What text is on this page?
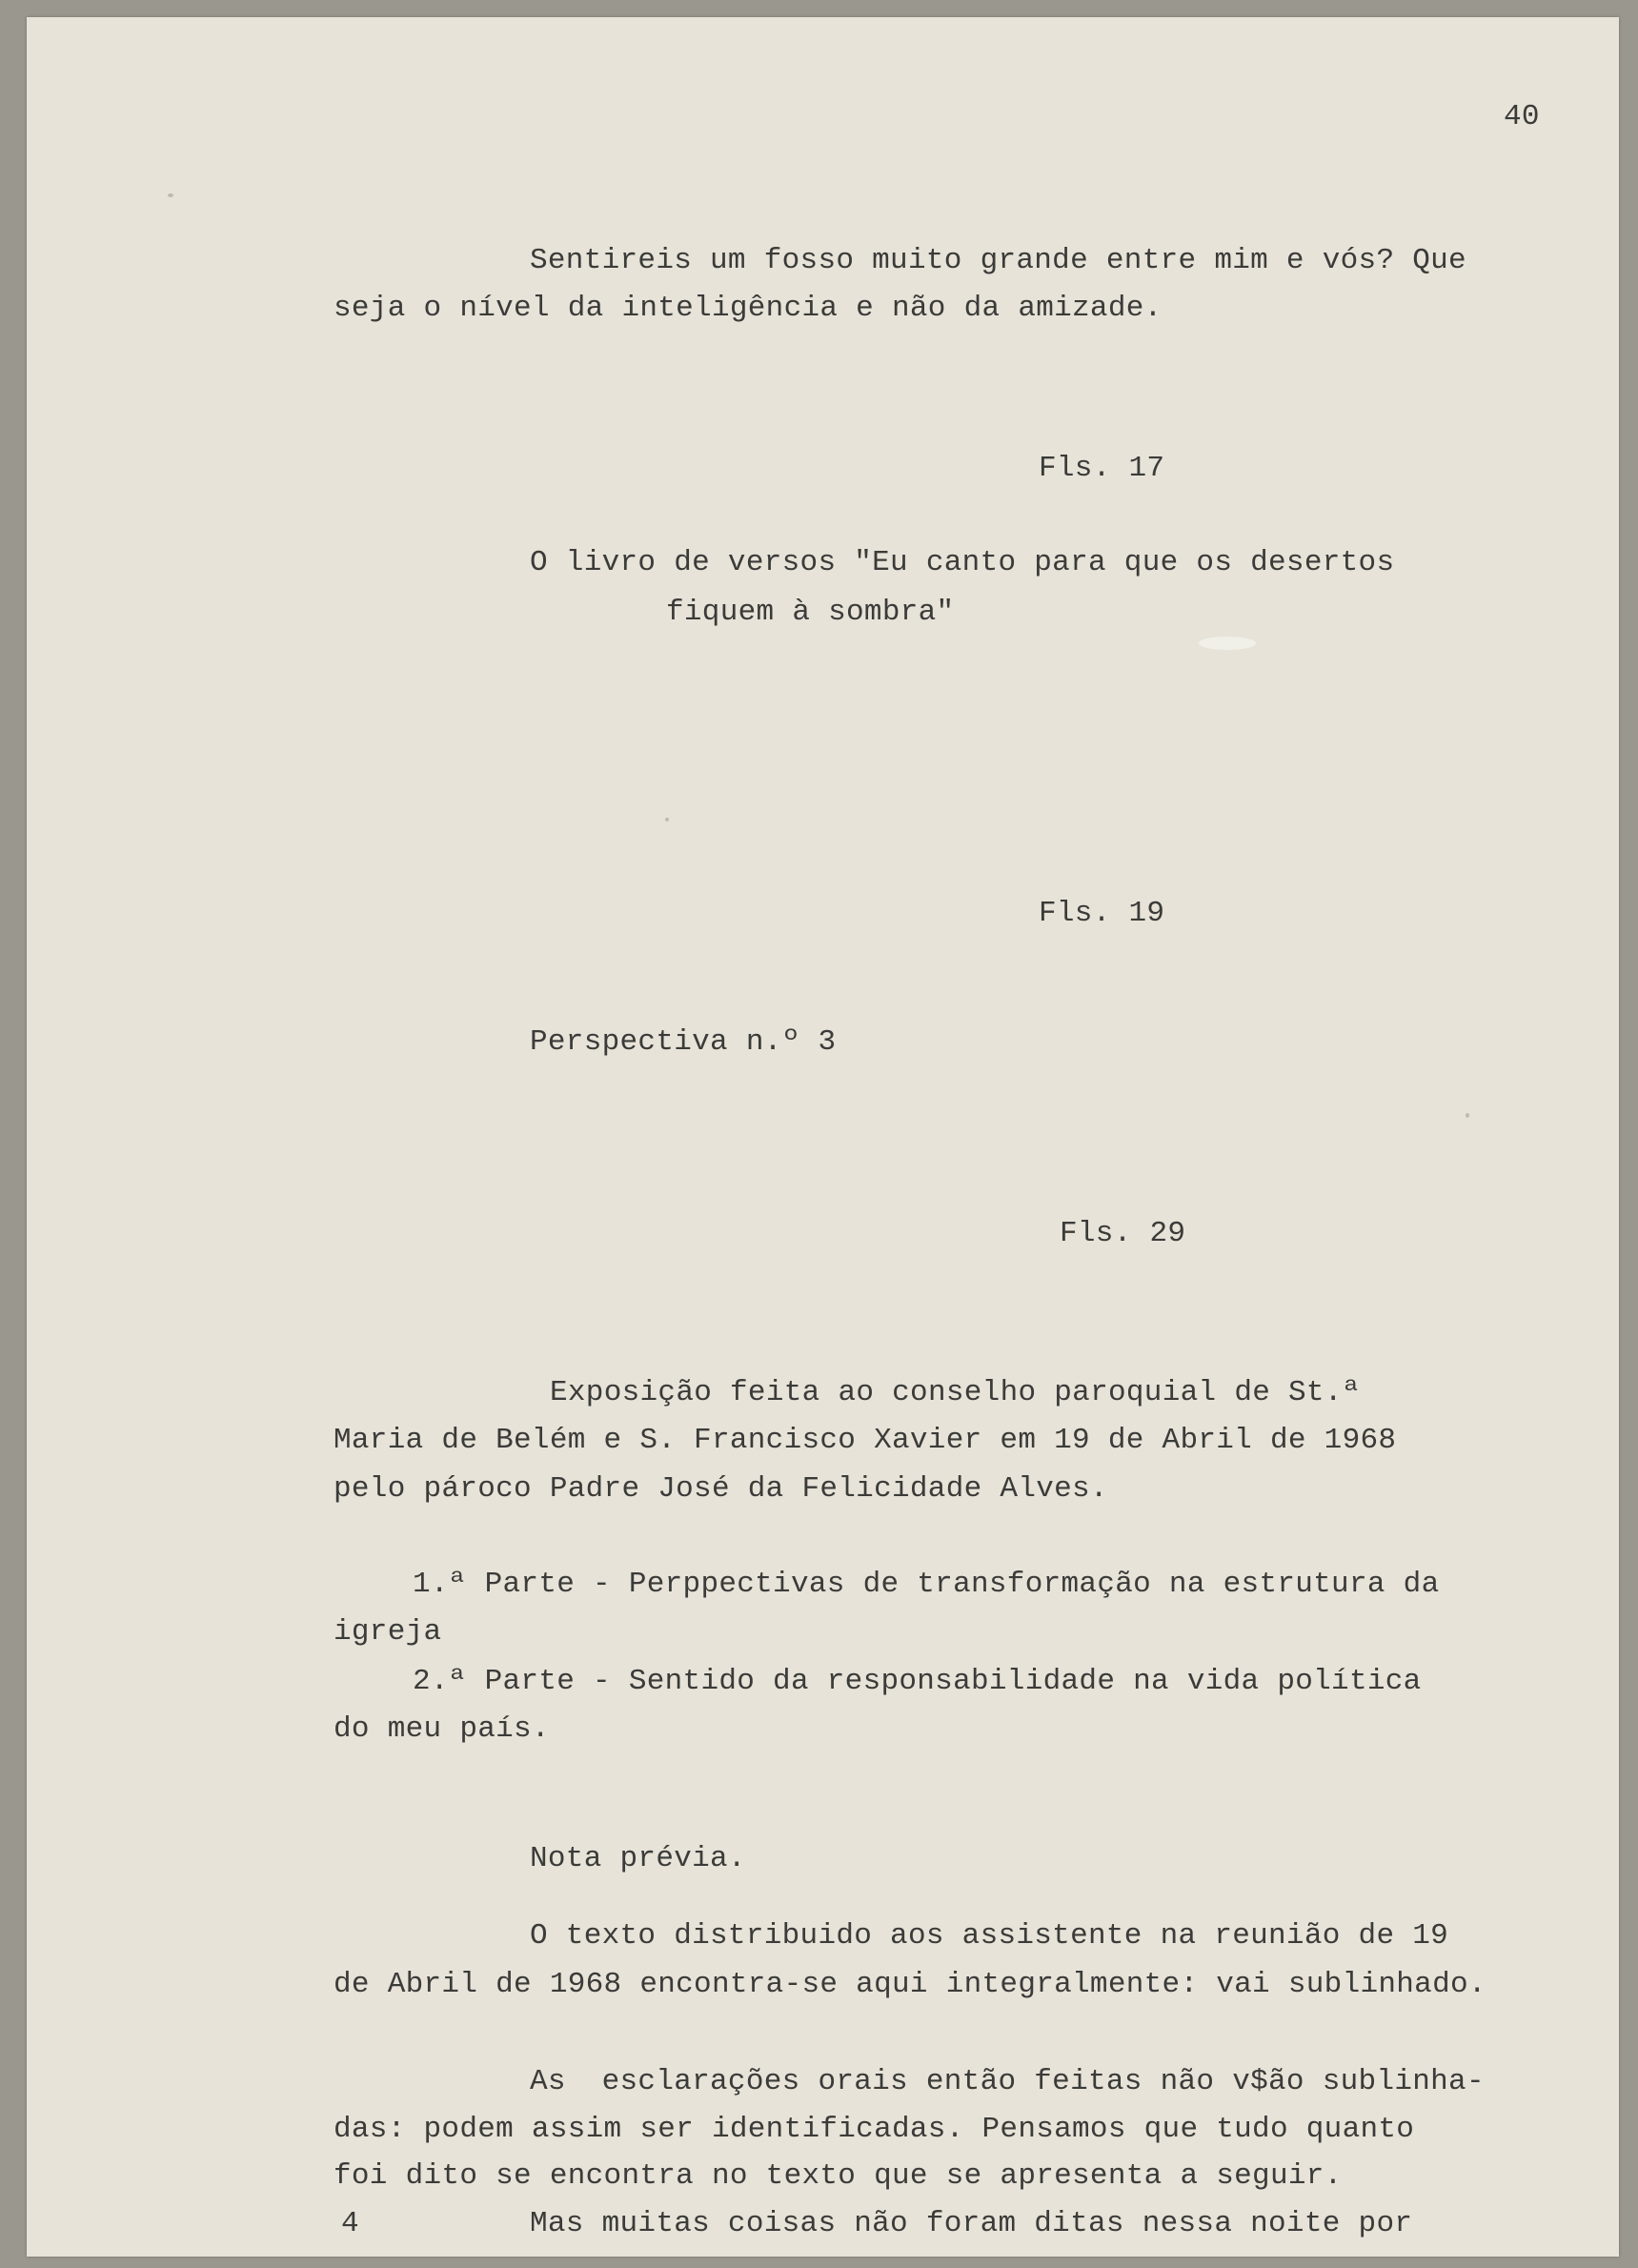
40
Sentireis um fosso muito grande entre mim e vós? Que
seja o nível da inteligência e não da amizade.
Fls. 17
O livro de versos "Eu canto para que os desertos
fiquem à sombra"
Fls. 19
Perspectiva n.º 3
Fls. 29
Exposição feita ao conselho paroquial de St.ª
Maria de Belém e S. Francisco Xavier em 19 de Abril de 1968
pelo pároco Padre José da Felicidade Alves.
1.ª Parte - Perppectivas de transformação na estrutura da
igreja
2.ª Parte - Sentido da responsabilidade na vida política
do meu país.
Nota prévia.
O texto distribuido aos assistente na reunião de 19
de Abril de 1968 encontra-se aqui integralmente: vai sublinhado.
As  esclarações orais então feitas não v$ão sublinha-
das: podem assim ser identificadas. Pensamos que tudo quanto
foi dito se encontra no texto que se apresenta a seguir.
4	Mas muitas coisas não foram ditas nessa noite por
